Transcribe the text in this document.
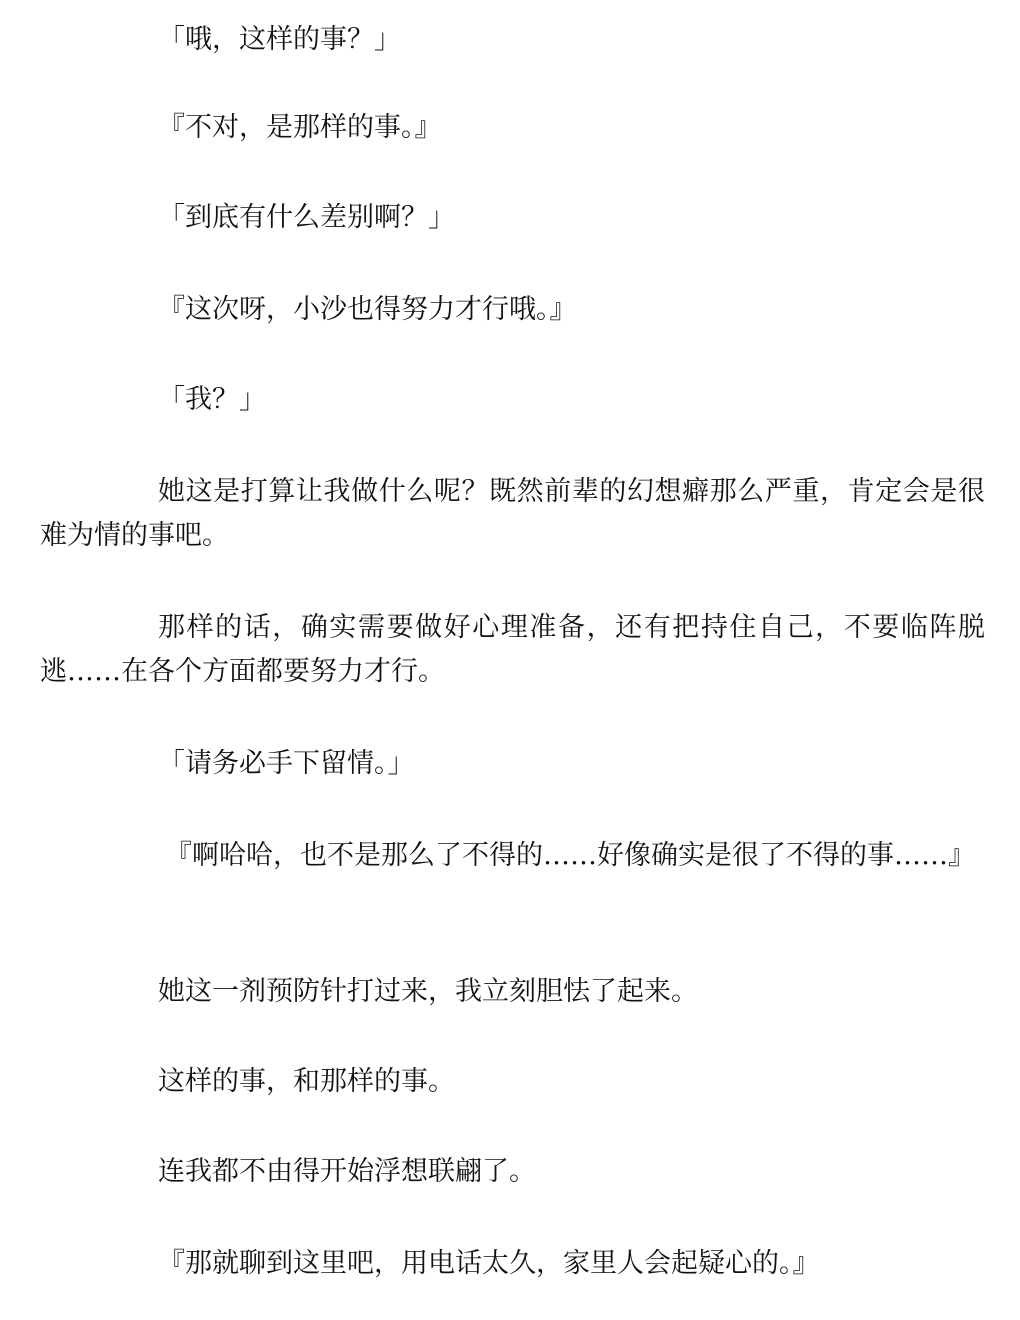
「哦，这样的事？」

『不对，是那样的事。』

「到底有什么差别啊？」

『这次呀，小沙也得努力才行哦。』

「我？」

她这是打算让我做什么呢？既然前辈的幻想癖那么严重，肯定会是很难为情的事吧。

那样的话，确实需要做好心理准备，还有把持住自己，不要临阵脱逃……在各个方面都要努力才行。

「请务必手下留情。」

『啊哈哈，也不是那么了不得的……好像确实是很了不得的事……』

她这一剂预防针打过来，我立刻胆怯了起来。

这样的事，和那样的事。

连我都不由得开始浮想联翩了。

『那就聊到这里吧，用电话太久，家里人会起疑心的。』
